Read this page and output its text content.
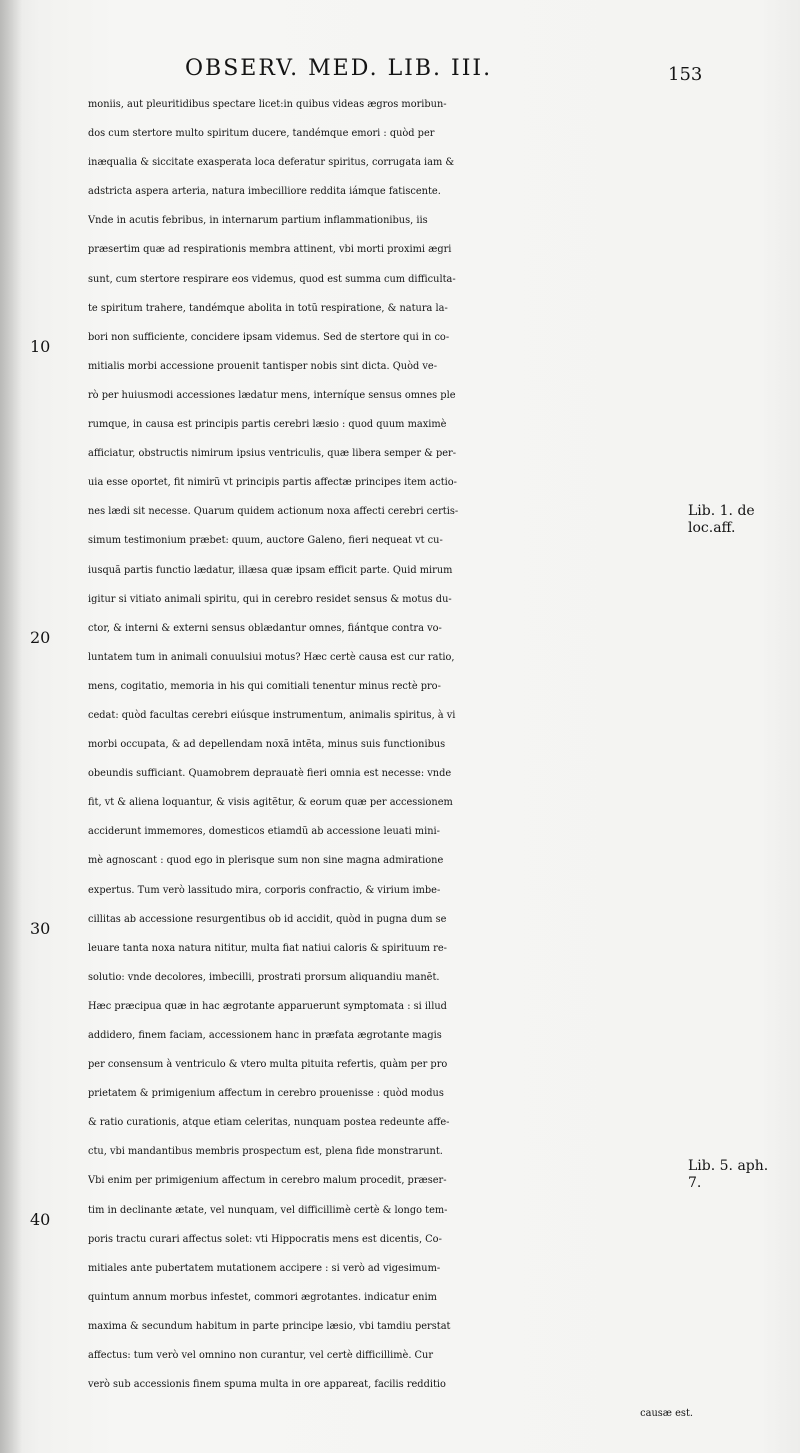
OBSERV. MED. LIB. III.	153
moniis, aut pleuritidibus spectare licet:in quibus videas ægros moribun-
dos cum stertore multo spiritum ducere, tandémque emori : quòd per
inæqualia & siccitate exasperata loca deferatur spiritus, corrugata iam &
adstricta aspera arteria, natura imbecilliore reddita iámque fatiscente.
Vnde in acutis febribus, in internarum partium inflammationibus, iis
præsertim quæ ad respirationis membra attinent, vbi morti proximi ægri
sunt, cum stertore respirare eos videmus, quod est summa cum difficulta-
te spiritum trahere, tandémque abolita in totũ respiratione, & natura la-
bori non sufficiente, concidere ipsam videmus. Sed de stertore qui in co-
mitialis morbi accessione prouenit tantisper nobis sint dicta. Quòd ve-
rò per huiusmodi accessiones lædatur mens, interníque sensus omnes ple
rumque, in causa est principis partis cerebri læsio : quod quum maximè
afficiatur, obstructis nimirum ipsius ventriculis, quæ libera semper & per-
uia esse oportet, fit nimirũ vt principis partis affectæ principes item actio-
nes lædi sit necesse. Quarum quidem actionum noxa affecti cerebri certis-
simum testimonium præbet: quum, auctore Galeno, fieri nequeat vt cu-
iusquã partis functio lædatur, illæsa quæ ipsam efficit parte. Quid mirum
igitur si vitiato animali spiritu, qui in cerebro residet sensus & motus du-
ctor, & interni & externi sensus oblædantur omnes, fiántque contra vo-
luntatem tum in animali conuulsiui motus? Hæc certè causa est cur ratio,
mens, cogitatio, memoria in his qui comitiali tenentur minus rectè pro-
cedat: quòd facultas cerebri eiúsque instrumentum, animalis spiritus, à vi
morbi occupata, & ad depellendam noxã intẽta, minus suis functionibus
obeundis sufficiant. Quamobrem deprauatè fieri omnia est necesse: vnde
fit, vt & aliena loquantur, & visis agitẽtur, & eorum quæ per accessionem
acciderunt immemores, domesticos etiamdũ ab accessione leuati mini-
mè agnoscant : quod ego in plerisque sum non sine magna admiratione
expertus. Tum verò lassitudo mira, corporis confractio, & virium imbe-
cillitas ab accessione resurgentibus ob id accidit, quòd in pugna dum se
leuare tanta noxa natura nititur, multa fiat natiui caloris & spirituum re-
solutio: vnde decolores, imbecilli, prostrati prorsum aliquandiu manẽt.
Hæc præcipua quæ in hac ægrotante apparuerunt symptomata : si illud
addidero, finem faciam, accessionem hanc in præfata ægrotante magis
per consensum à ventriculo & vtero multa pituita refertis, quàm per pro
prietatem & primigenium affectum in cerebro prouenisse : quòd modus
& ratio curationis, atque etiam celeritas, nunquam postea redeunte affe-
ctu, vbi mandantibus membris prospectum est, plena fide monstrarunt.
Vbi enim per primigenium affectum in cerebro malum procedit, præser-
tim in declinante ætate, vel nunquam, vel difficillimè certè & longo tem-
poris tractu curari affectus solet: vti Hippocratis mens est dicentis, Co-
mitiales ante pubertatem mutationem accipere : si verò ad vigesimum-
quintum annum morbus infestet, commori ægrotantes. indicatur enim
maxima & secundum habitum in parte principe læsio, vbi tamdiu perstat
affectus: tum verò vel omnino non curantur, vel certè difficillimè. Cur
verò sub accessionis finem spuma multa in ore appareat, facilis redditio
causæ est.
10
20
30
40
Lib. 1. de
loc.aff.
Lib. 5. aph.
7.
